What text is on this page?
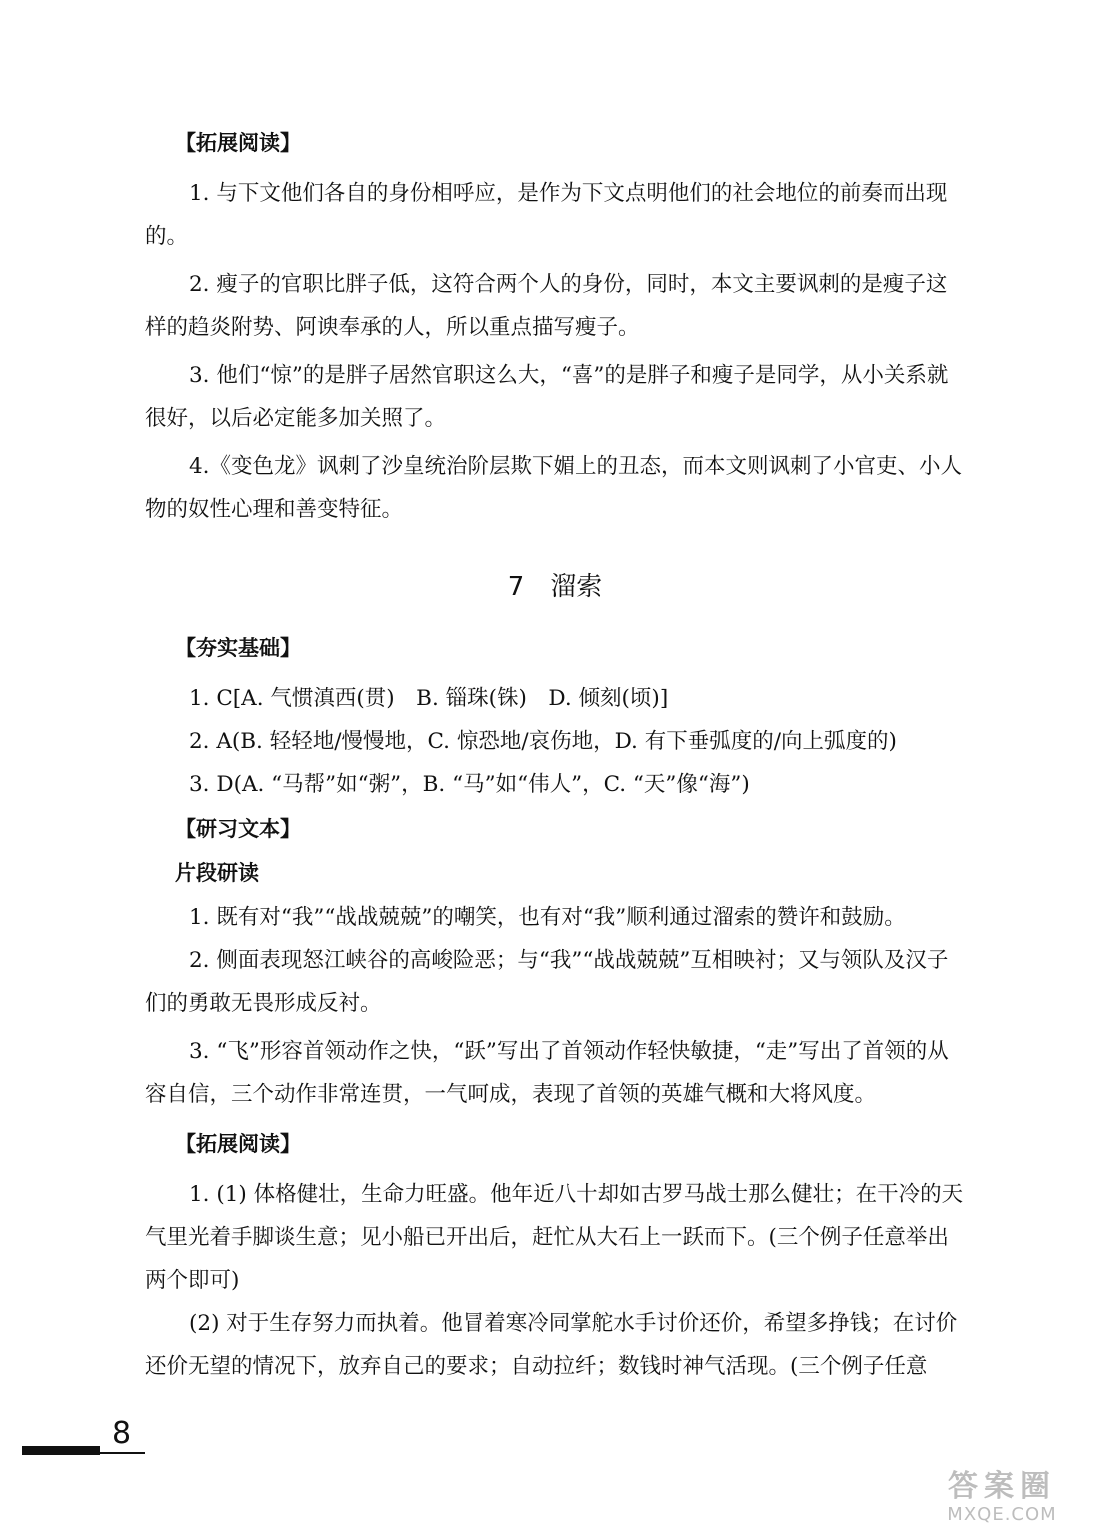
【拓展阅读】

1. 与下文他们各自的身份相呼应，是作为下文点明他们的社会地位的前奏而出现的。

2. 瘦子的官职比胖子低，这符合两个人的身份，同时，本文主要讽刺的是瘦子这样的趋炎附势、阿谀奉承的人，所以重点描写瘦子。

3. 他们“惊”的是胖子居然官职这么大，“喜”的是胖子和瘦子是同学，从小关系就很好，以后必定能多加关照了。

4.《变色龙》讽刺了沙皇统治阶层欺下媚上的丑态，而本文则讽刺了小官吏、小人物的奴性心理和善变特征。

7 溜索
【夯实基础】

1. C[A. 气惯滇西(贯)　B. 锱珠(铢)　D. 倾刻(顷)]

2. A(B. 轻轻地/慢慢地，C. 惊恐地/哀伤地，D. 有下垂弧度的/向上弧度的)

3. D(A. “马帮”如“粥”，B. “马”如“伟人”，C. “天”像“海”)

【研习文本】
片段研读

1. 既有对“我”“战战兢兢”的嘲笑，也有对“我”顺利通过溜索的赞许和鼓励。

2. 侧面表现怒江峡谷的高峻险恶；与“我”“战战兢兢”互相映衬；又与领队及汉子们的勇敢无畏形成反衬。

3. “飞”形容首领动作之快，“跃”写出了首领动作轻快敏捷，“走”写出了首领的从容自信，三个动作非常连贯，一气呵成，表现了首领的英雄气概和大将风度。

【拓展阅读】

1. (1) 体格健壮，生命力旺盛。他年近八十却如古罗马战士那么健壮；在干冷的天气里光着手脚谈生意；见小船已开出后，赶忙从大石上一跃而下。(三个例子任意举出两个即可)

(2) 对于生存努力而执着。他冒着寒冷同掌舵水手讨价还价，希望多挣钱；在讨价还价无望的情况下，放弃自己的要求；自动拉纤；数钱时神气活现。(三个例子任意

8
答案圈
MXQE.COM
